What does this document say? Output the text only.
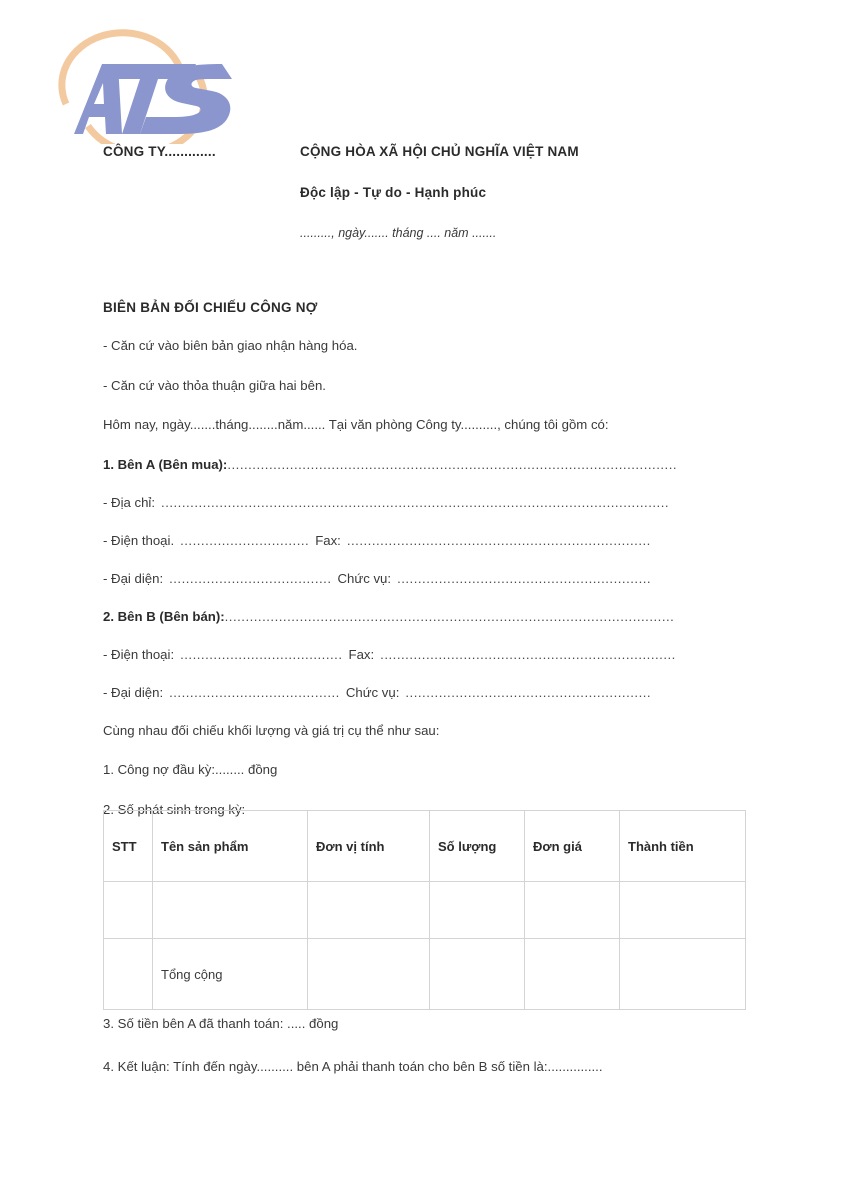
CÔNG TY.............	CỘNG HÒA XÃ HỘI CHỦ NGHĨA VIỆT NAM
Độc lập - Tự do - Hạnh phúc
........., ngày....... tháng .... năm .......
BIÊN BẢN ĐỐI CHIẾU CÔNG NỢ

- Căn cứ vào biên bản giao nhận hàng hóa.

- Căn cứ vào thỏa thuận giữa hai bên.

Hôm nay, ngày.......tháng........năm...... Tại văn phòng Công ty.........., chúng tôi gồm có:

1. Bên A (Bên mua): ............................................................................................................
- Địa chỉ: ..........................................................................................................................
- Điện thoại. ............................... Fax: .........................................................................
- Đại diện: ....................................... Chức vụ: .............................................................
2. Bên B (Bên bán): ............................................................................................................
- Điện thoại: ....................................... Fax: .......................................................................
- Đại diện: ......................................... Chức vụ: ...........................................................

Cùng nhau đối chiếu khối lượng và giá trị cụ thể như sau:

1. Công nợ đầu kỳ:........ đồng

2. Số phát sinh trong kỳ:

STT	Tên sản phẩm	Đơn vị tính	Số lượng	Đơn giá	Thành tiền

	Tổng cộng				

3. Số tiền bên A đã thanh toán: ..... đồng

4. Kết luận: Tính đến ngày.......... bên A phải thanh toán cho bên B số tiền là:...............
